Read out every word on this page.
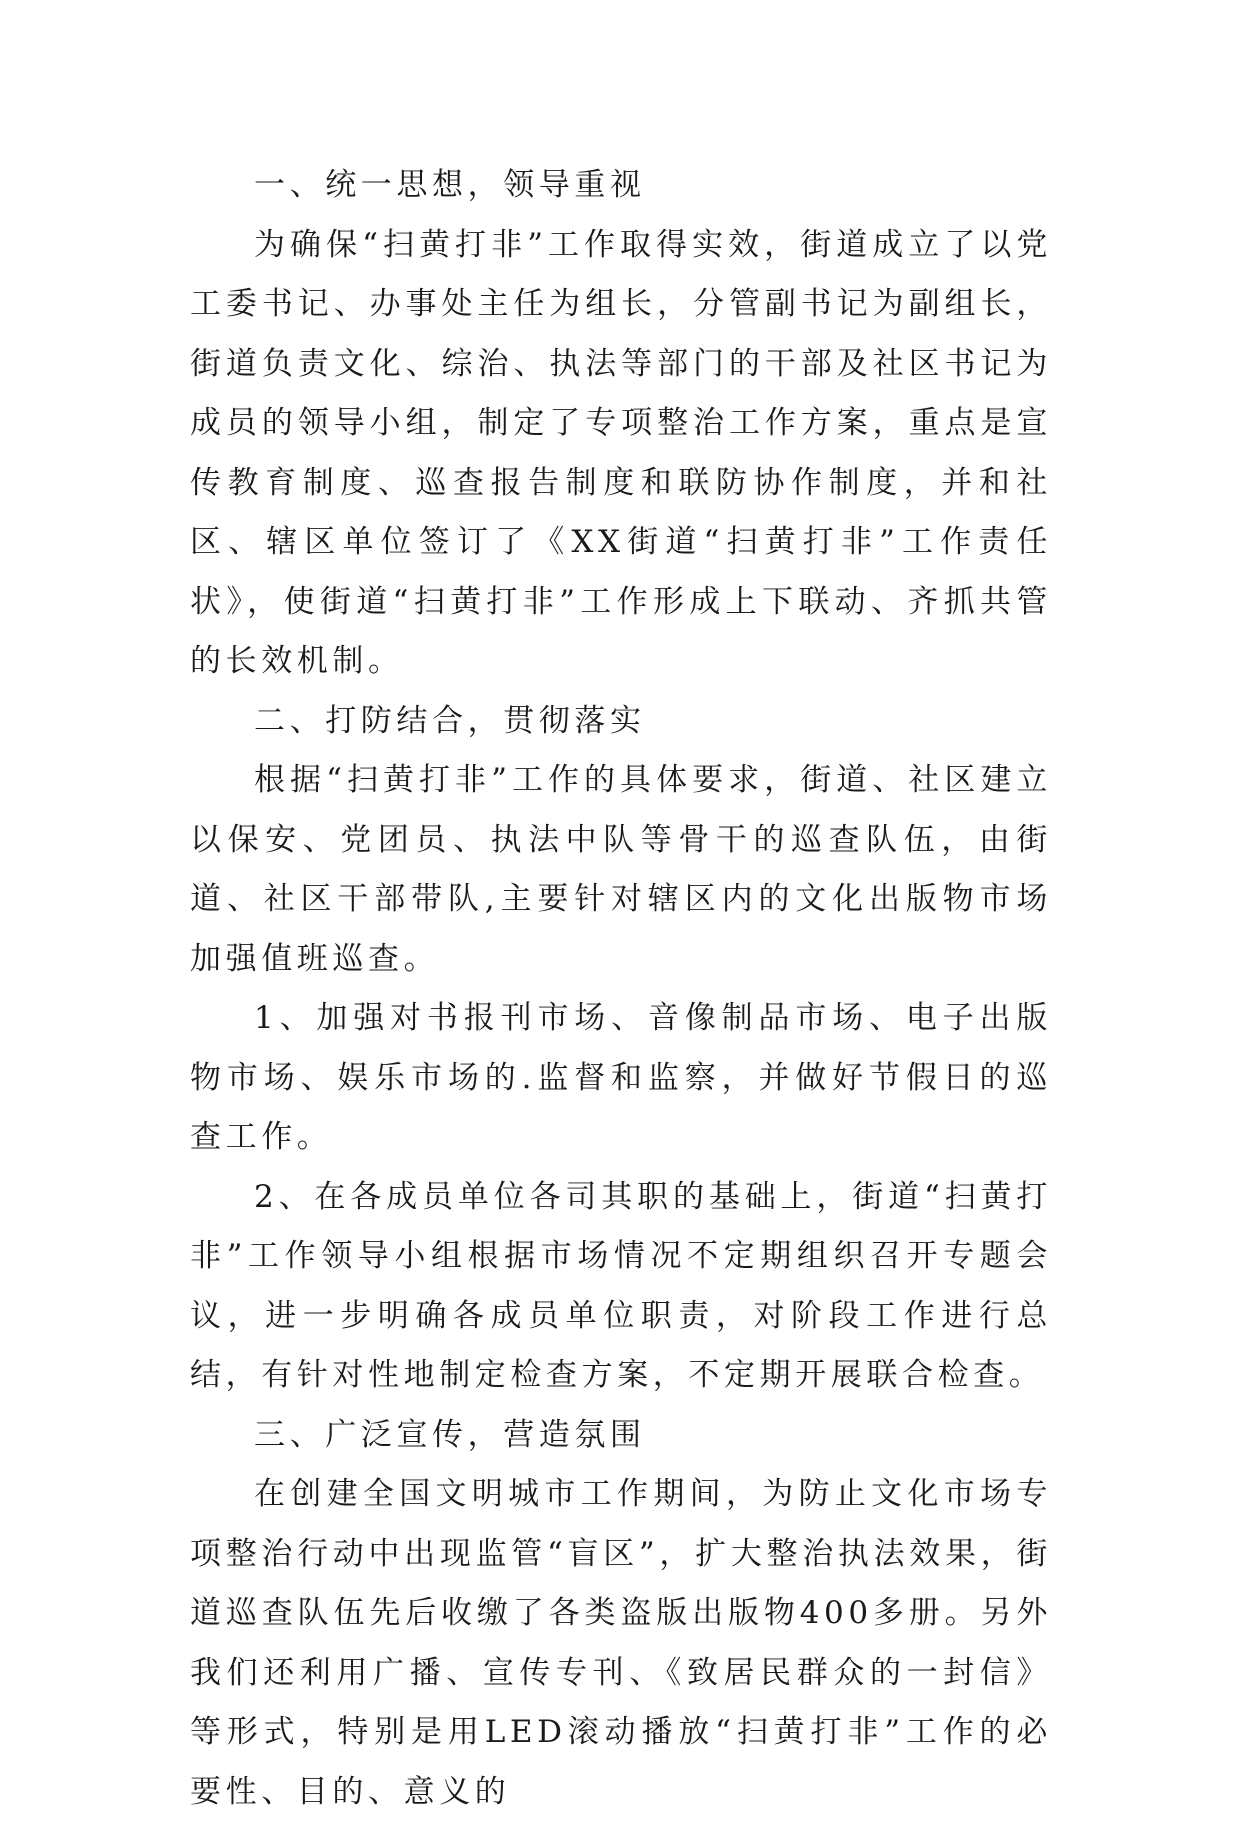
一、统一思想，领导重视

为确保“扫黄打非”工作取得实效，街道成立了以党工委书记、办事处主任为组长，分管副书记为副组长，街道负责文化、综治、执法等部门的干部及社区书记为成员的领导小组，制定了专项整治工作方案，重点是宣传教育制度、巡查报告制度和联防协作制度，并和社区、辖区单位签订了《XX街道“扫黄打非”工作责任状》，使街道“扫黄打非”工作形成上下联动、齐抓共管的长效机制。

二、打防结合，贯彻落实

根据“扫黄打非”工作的具体要求，街道、社区建立以保安、党团员、执法中队等骨干的巡查队伍，由街道、社区干部带队,主要针对辖区内的文化出版物市场加强值班巡查。

1、加强对书报刊市场、音像制品市场、电子出版物市场、娱乐市场的.监督和监察，并做好节假日的巡查工作。

2、在各成员单位各司其职的基础上，街道“扫黄打非”工作领导小组根据市场情况不定期组织召开专题会议，进一步明确各成员单位职责，对阶段工作进行总结，有针对性地制定检查方案，不定期开展联合检查。

三、广泛宣传，营造氛围

在创建全国文明城市工作期间，为防止文化市场专项整治行动中出现监管“盲区”，扩大整治执法效果，街道巡查队伍先后收缴了各类盗版出版物400多册。另外我们还利用广播、宣传专刊、《致居民群众的一封信》等形式，特别是用LED滚动播放“扫黄打非”工作的必要性、目的、意义的
